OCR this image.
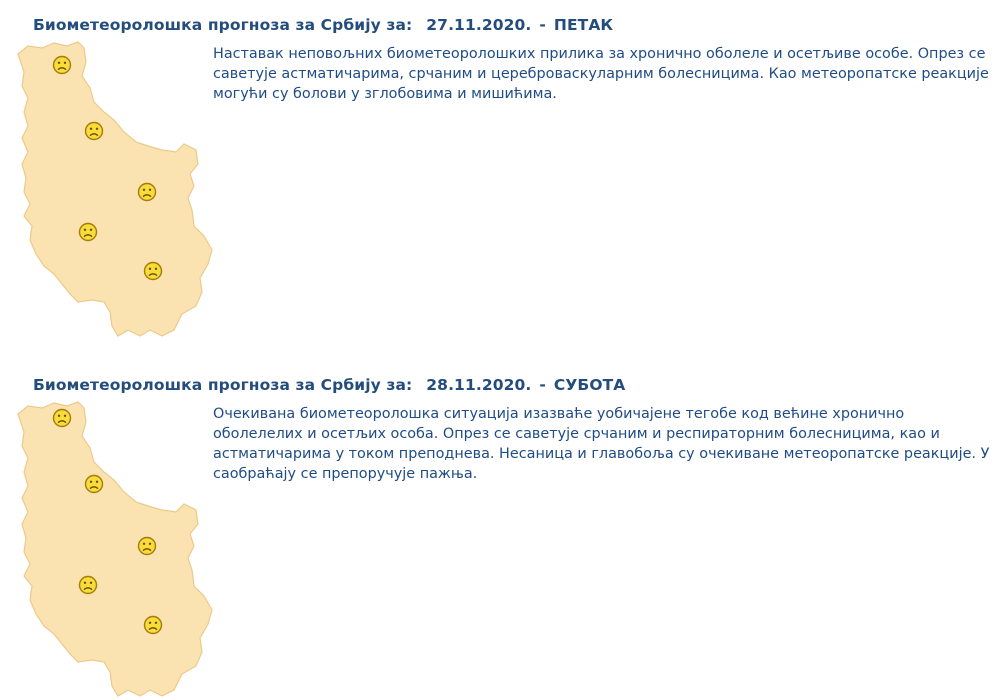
Биометеоролошка прогноза за Србију за: 27.11.2020. - ПЕТАК
Наставак неповољних биометеоролошких прилика за хронично оболеле и осетљиве особе. Опрез се саветује астматичарима, срчаним и цереброваскуларним болесницима. Као метеоропатске реакције могући су болови у зглобовима и мишићима.
Биометеоролошка прогноза за Србију за: 28.11.2020. - СУБОТА
Очекивана биометеоролошка ситуација изазваће уобичајене тегобе код већине хронично оболелелих и осетљих особа. Опрез се саветује срчаним и респираторним болесницима, као и астматичарима у током преподнева. Несаница и главобоља су очекиване метеоропатске реакције. У саобраћају се препоручује пажња.
